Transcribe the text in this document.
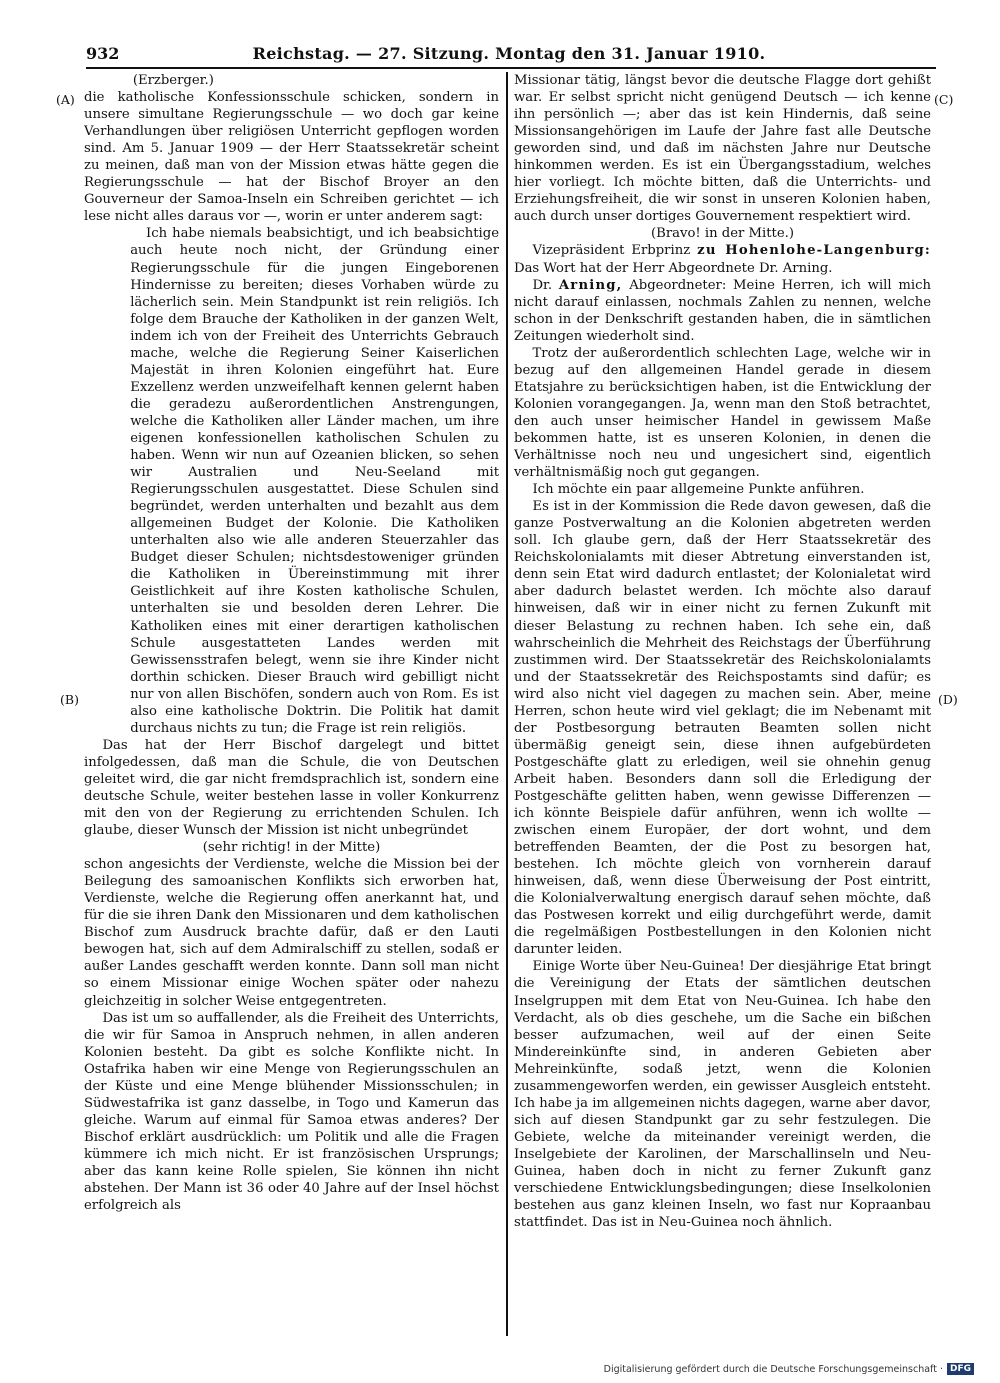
932	Reichstag. — 27. Sitzung. Montag den 31. Januar 1910.
(A)
(B)
(C)
(D)

(Erzberger.)

die katholische Konfessionsschule schicken, sondern in unsere simultane Regierungsschule — wo doch gar keine Verhandlungen über religiösen Unterricht gepflogen worden sind. Am 5. Januar 1909 — der Herr Staatssekretär scheint zu meinen, daß man von der Mission etwas hätte gegen die Regierungsschule — hat der Bischof Broyer an den Gouverneur der Samoa-Inseln ein Schreiben gerichtet — ich lese nicht alles daraus vor —, worin er unter anderem sagt:

Ich habe niemals beabsichtigt, und ich beabsichtige auch heute noch nicht, der Gründung einer Regierungsschule für die jungen Eingeborenen Hindernisse zu bereiten; dieses Vorhaben würde zu lächerlich sein. Mein Standpunkt ist rein religiös. Ich folge dem Brauche der Katholiken in der ganzen Welt, indem ich von der Freiheit des Unterrichts Gebrauch mache, welche die Regierung Seiner Kaiserlichen Majestät in ihren Kolonien eingeführt hat. Eure Exzellenz werden unzweifelhaft kennen gelernt haben die geradezu außerordentlichen Anstrengungen, welche die Katholiken aller Länder machen, um ihre eigenen konfessionellen katholischen Schulen zu haben. Wenn wir nun auf Ozeanien blicken, so sehen wir Australien und Neu-Seeland mit Regierungsschulen ausgestattet. Diese Schulen sind begründet, werden unterhalten und bezahlt aus dem allgemeinen Budget der Kolonie. Die Katholiken unterhalten also wie alle anderen Steuerzahler das Budget dieser Schulen; nichtsdestoweniger gründen die Katholiken in Übereinstimmung mit ihrer Geistlichkeit auf ihre Kosten katholische Schulen, unterhalten sie und besolden deren Lehrer. Die Katholiken eines mit einer derartigen katholischen Schule ausgestatteten Landes werden mit Gewissensstrafen belegt, wenn sie ihre Kinder nicht dorthin schicken. Dieser Brauch wird gebilligt nicht nur von allen Bischöfen, sondern auch von Rom. Es ist also eine katholische Doktrin. Die Politik hat damit durchaus nichts zu tun; die Frage ist rein religiös.

Das hat der Herr Bischof dargelegt und bittet infolgedessen, daß man die Schule, die von Deutschen geleitet wird, die gar nicht fremdsprachlich ist, sondern eine deutsche Schule, weiter bestehen lasse in voller Konkurrenz mit den von der Regierung zu errichtenden Schulen. Ich glaube, dieser Wunsch der Mission ist nicht unbegründet

(sehr richtig! in der Mitte)

schon angesichts der Verdienste, welche die Mission bei der Beilegung des samoanischen Konflikts sich erworben hat, Verdienste, welche die Regierung offen anerkannt hat, und für die sie ihren Dank den Missionaren und dem katholischen Bischof zum Ausdruck brachte dafür, daß er den Lauti bewogen hat, sich auf dem Admiralschiff zu stellen, sodaß er außer Landes geschafft werden konnte. Dann soll man nicht so einem Missionar einige Wochen später oder nahezu gleichzeitig in solcher Weise entgegentreten.

Das ist um so auffallender, als die Freiheit des Unterrichts, die wir für Samoa in Anspruch nehmen, in allen anderen Kolonien besteht. Da gibt es solche Konflikte nicht. In Ostafrika haben wir eine Menge von Regierungsschulen an der Küste und eine Menge blühender Missionsschulen; in Südwestafrika ist ganz dasselbe, in Togo und Kamerun das gleiche. Warum auf einmal für Samoa etwas anderes? Der Bischof erklärt ausdrücklich: um Politik und alle die Fragen kümmere ich mich nicht. Er ist französischen Ursprungs; aber das kann keine Rolle spielen, Sie können ihn nicht abstehen. Der Mann ist 36 oder 40 Jahre auf der Insel höchst erfolgreich als

Missionar tätig, längst bevor die deutsche Flagge dort gehißt war. Er selbst spricht nicht genügend Deutsch — ich kenne ihn persönlich —; aber das ist kein Hindernis, daß seine Missionsangehörigen im Laufe der Jahre fast alle Deutsche geworden sind, und daß im nächsten Jahre nur Deutsche hinkommen werden. Es ist ein Übergangsstadium, welches hier vorliegt. Ich möchte bitten, daß die Unterrichts- und Erziehungsfreiheit, die wir sonst in unseren Kolonien haben, auch durch unser dortiges Gouvernement respektiert wird.

(Bravo! in der Mitte.)

Vizepräsident Erbprinz zu Hohenlohe-Langenburg: Das Wort hat der Herr Abgeordnete Dr. Arning.

Dr. Arning, Abgeordneter: Meine Herren, ich will mich nicht darauf einlassen, nochmals Zahlen zu nennen, welche schon in der Denkschrift gestanden haben, die in sämtlichen Zeitungen wiederholt sind.

Trotz der außerordentlich schlechten Lage, welche wir in bezug auf den allgemeinen Handel gerade in diesem Etatsjahre zu berücksichtigen haben, ist die Entwicklung der Kolonien vorangegangen. Ja, wenn man den Stoß betrachtet, den auch unser heimischer Handel in gewissem Maße bekommen hatte, ist es unseren Kolonien, in denen die Verhältnisse noch neu und ungesichert sind, eigentlich verhältnismäßig noch gut gegangen.

Ich möchte ein paar allgemeine Punkte anführen.

Es ist in der Kommission die Rede davon gewesen, daß die ganze Postverwaltung an die Kolonien abgetreten werden soll. Ich glaube gern, daß der Herr Staatssekretär des Reichskolonialamts mit dieser Abtretung einverstanden ist, denn sein Etat wird dadurch entlastet; der Kolonialetat wird aber dadurch belastet werden. Ich möchte also darauf hinweisen, daß wir in einer nicht zu fernen Zukunft mit dieser Belastung zu rechnen haben. Ich sehe ein, daß wahrscheinlich die Mehrheit des Reichstags der Überführung zustimmen wird. Der Staatssekretär des Reichskolonialamts und der Staatssekretär des Reichspostamts sind dafür; es wird also nicht viel dagegen zu machen sein. Aber, meine Herren, schon heute wird viel geklagt; die im Nebenamt mit der Postbesorgung betrauten Beamten sollen nicht übermäßig geneigt sein, diese ihnen aufgebürdeten Postgeschäfte glatt zu erledigen, weil sie ohnehin genug Arbeit haben. Besonders dann soll die Erledigung der Postgeschäfte gelitten haben, wenn gewisse Differenzen — ich könnte Beispiele dafür anführen, wenn ich wollte — zwischen einem Europäer, der dort wohnt, und dem betreffenden Beamten, der die Post zu besorgen hat, bestehen. Ich möchte gleich von vornherein darauf hinweisen, daß, wenn diese Überweisung der Post eintritt, die Kolonialverwaltung energisch darauf sehen möchte, daß das Postwesen korrekt und eilig durchgeführt werde, damit die regelmäßigen Postbestellungen in den Kolonien nicht darunter leiden.

Einige Worte über Neu-Guinea! Der diesjährige Etat bringt die Vereinigung der Etats der sämtlichen deutschen Inselgruppen mit dem Etat von Neu-Guinea. Ich habe den Verdacht, als ob dies geschehe, um die Sache ein bißchen besser aufzumachen, weil auf der einen Seite Mindereinkünfte sind, in anderen Gebieten aber Mehreinkünfte, sodaß jetzt, wenn die Kolonien zusammengeworfen werden, ein gewisser Ausgleich entsteht. Ich habe ja im allgemeinen nichts dagegen, warne aber davor, sich auf diesen Standpunkt gar zu sehr festzulegen. Die Gebiete, welche da miteinander vereinigt werden, die Inselgebiete der Karolinen, der Marschallinseln und Neu-Guinea, haben doch in nicht zu ferner Zukunft ganz verschiedene Entwicklungsbedingungen; diese Inselkolonien bestehen aus ganz kleinen Inseln, wo fast nur Kopraanbau stattfindet. Das ist in Neu-Guinea noch ähnlich.

Digitalisierung gefördert durch die Deutsche Forschungsgemeinschaft · DFG
